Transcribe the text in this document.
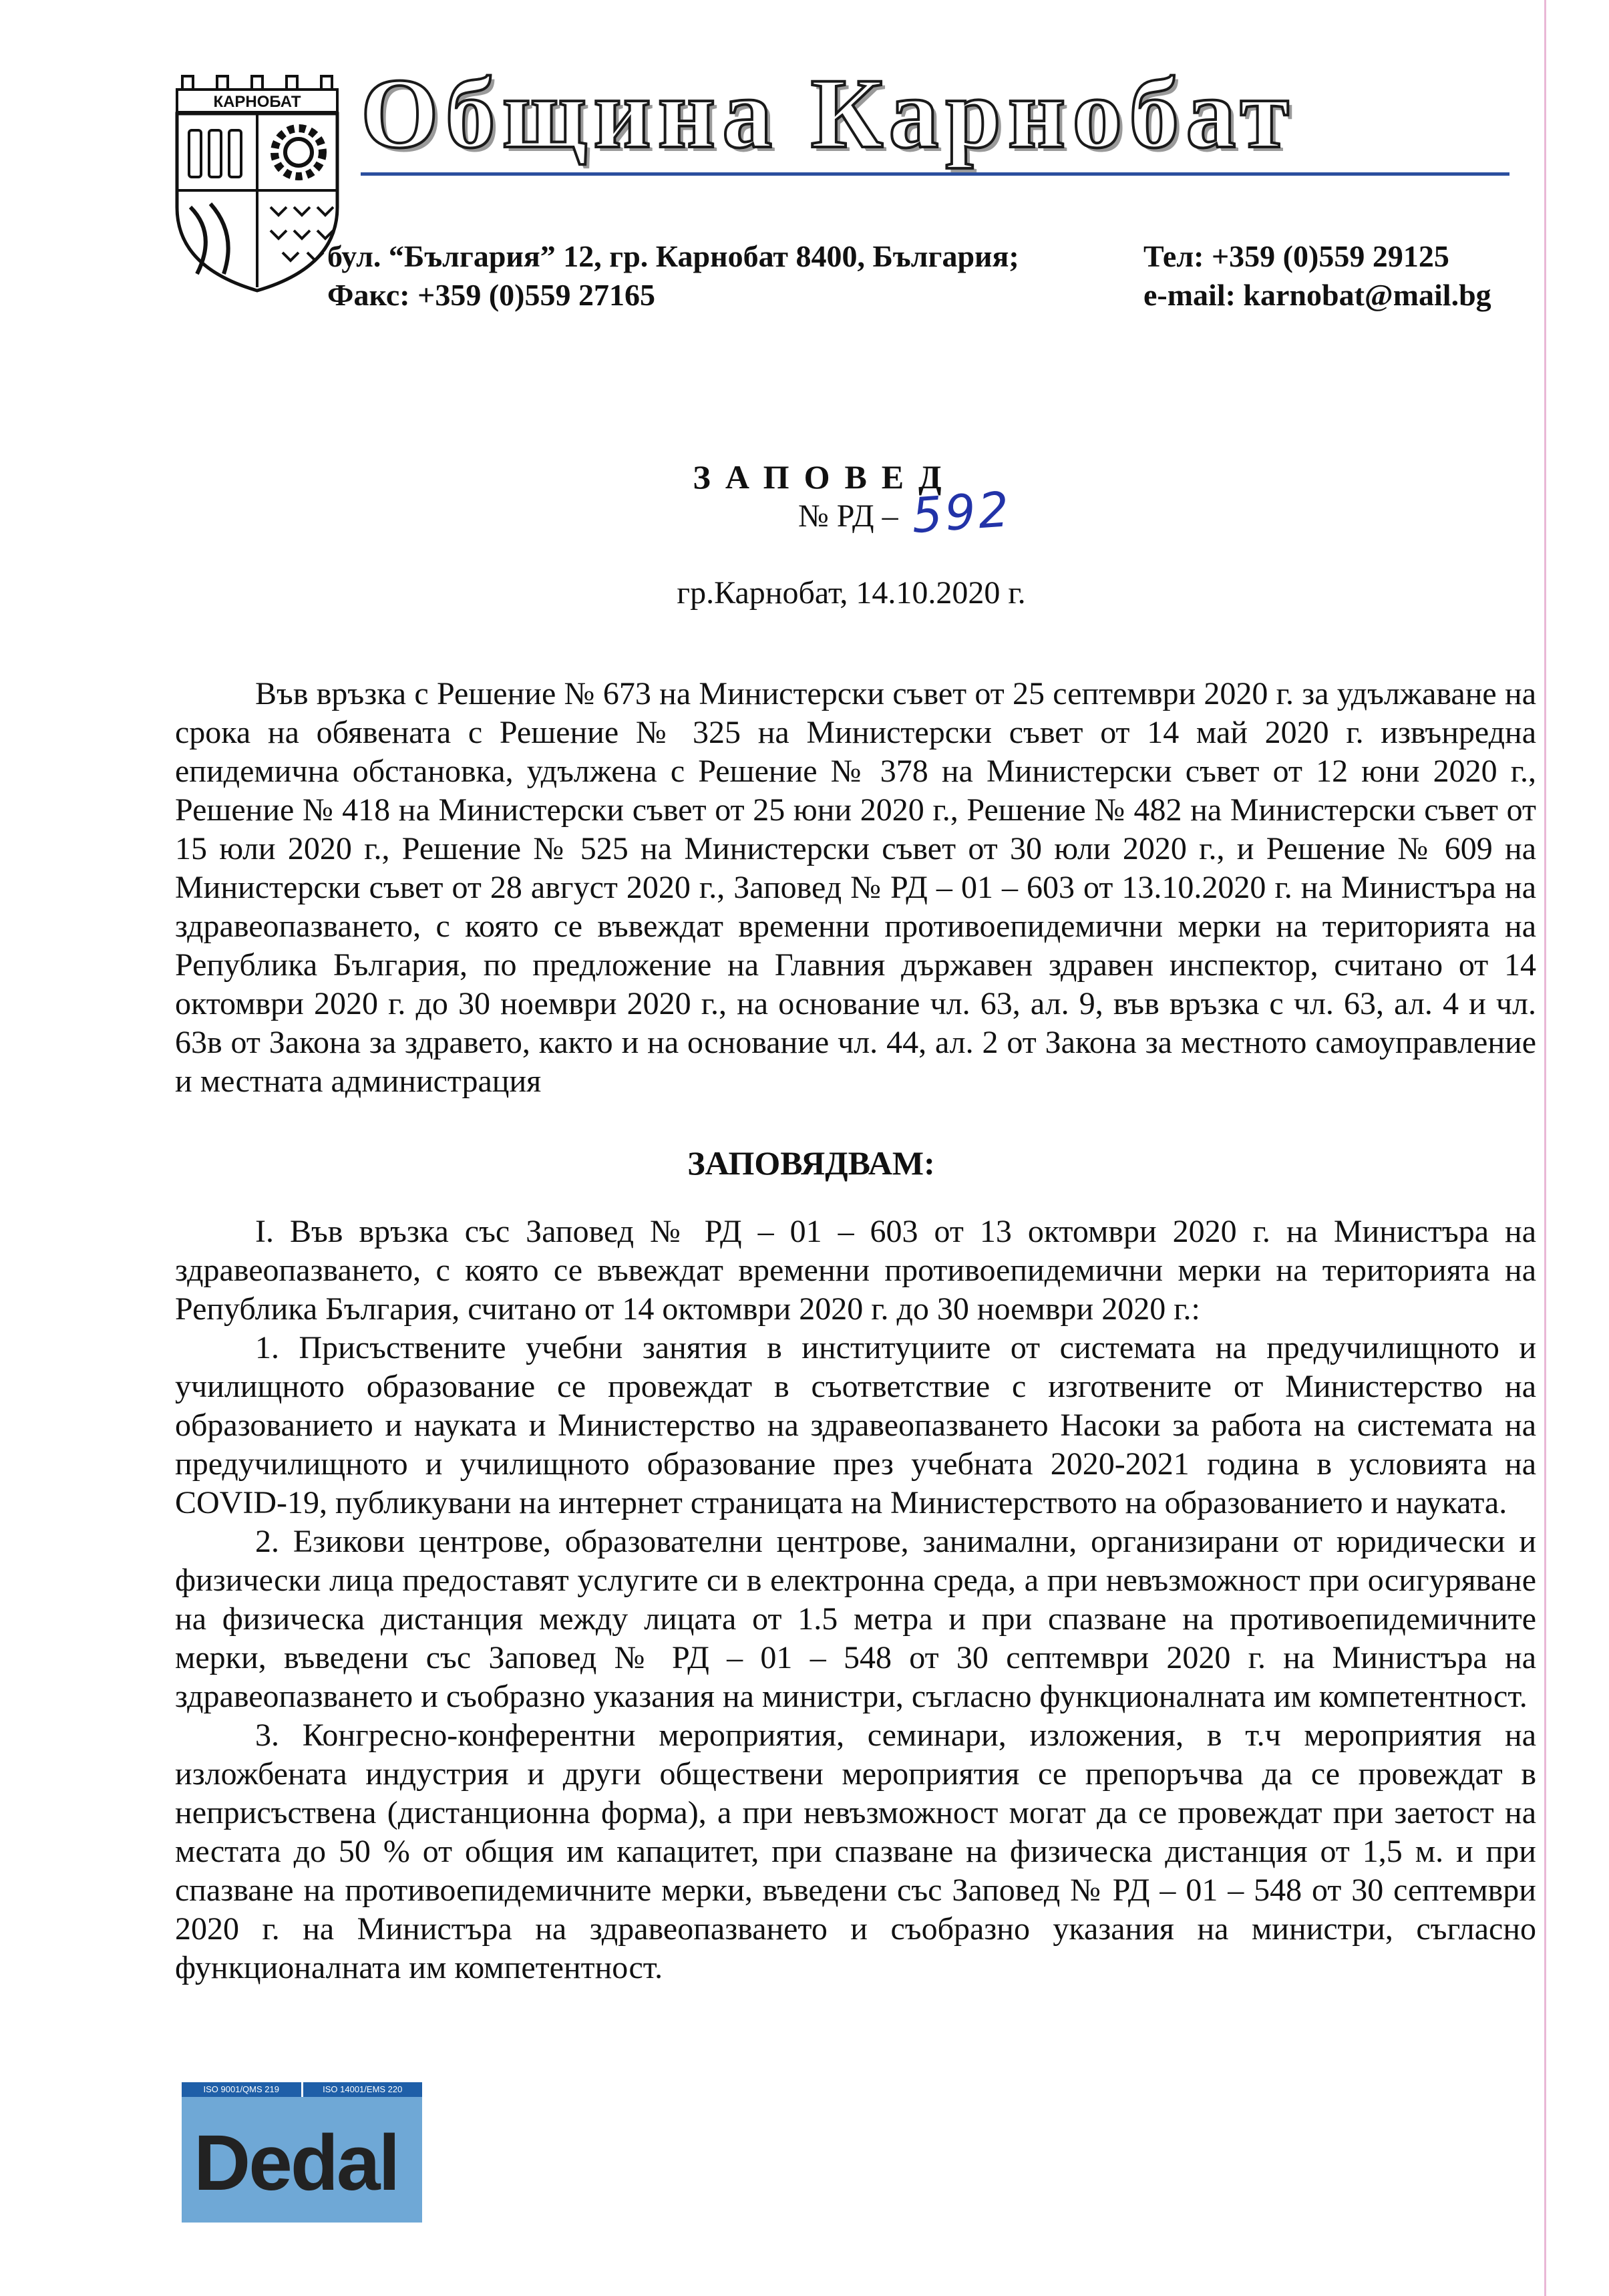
КАРНОБАТ Община Карнобат
бул. “България” 12, гр. Карнобат 8400, България;
Факс: +359 (0)559 27165
Тел: +359 (0)559 29125
e-mail: karnobat@mail.bg
ЗАПОВЕД
№ РД – 592
гр.Карнобат, 14.10.2020 г.

Във връзка с Решение № 673 на Министерски съвет от 25 септември 2020 г. за удължаване на срока на обявената с Решение № 325 на Министерски съвет от 14 май 2020 г. извънредна епидемична обстановка, удължена с Решение № 378 на Министерски съвет от 12 юни 2020 г., Решение № 418 на Министерски съвет от 25 юни 2020 г., Решение № 482 на Министерски съвет от 15 юли 2020 г., Решение № 525 на Министерски съвет от 30 юли 2020 г., и Решение № 609 на Министерски съвет от 28 август 2020 г., Заповед № РД – 01 – 603 от 13.10.2020 г. на Министъра на здравеопазването, с която се въвеждат временни противоепидемични мерки на територията на Република България, по предложение на Главния държавен здравен инспектор, считано от 14 октомври 2020 г. до 30 ноември 2020 г., на основание чл. 63, ал. 9, във връзка с чл. 63, ал. 4 и чл. 63в от Закона за здравето, както и на основание чл. 44, ал. 2 от Закона за местното самоуправление и местната администрация

ЗАПОВЯДВАМ:

I. Във връзка със Заповед № РД – 01 – 603 от 13 октомври 2020 г. на Министъра на здравеопазването, с която се въвеждат временни противоепидемични мерки на територията на Република България, считано от 14 октомври 2020 г. до 30 ноември 2020 г.:

1. Присъствените учебни занятия в институциите от системата на предучилищното и училищното образование се провеждат в съответствие с изготвените от Министерство на образованието и науката и Министерство на здравеопазването Насоки за работа на системата на предучилищното и училищното образование през учебната 2020-2021 година в условията на COVID-19, публикувани на интернет страницата на Министерството на образованието и науката.

2. Езикови центрове, образователни центрове, занимални, организирани от юридически и физически лица предоставят услугите си в електронна среда, а при невъзможност при осигуряване на физическа дистанция между лицата от 1.5 метра и при спазване на противоепидемичните мерки, въведени със Заповед № РД – 01 – 548 от 30 септември 2020 г. на Министъра на здравеопазването и съобразно указания на министри, съгласно функционалната им компетентност.

3. Конгресно-конферентни мероприятия, семинари, изложения, в т.ч мероприятия на изложбената индустрия и други обществени мероприятия се препоръчва да се провеждат в неприсъствена (дистанционна форма), а при невъзможност могат да се провеждат при заетост на местата до 50 % от общия им капацитет, при спазване на физическа дистанция от 1,5 м. и при спазване на противоепидемичните мерки, въведени със Заповед № РД – 01 – 548 от 30 септември 2020 г. на Министъра на здравеопазването и съобразно указания на министри, съгласно функционалната им компетентност.

ISO 9001/QMS 219	ISO 14001/EMS 220
Dedal
